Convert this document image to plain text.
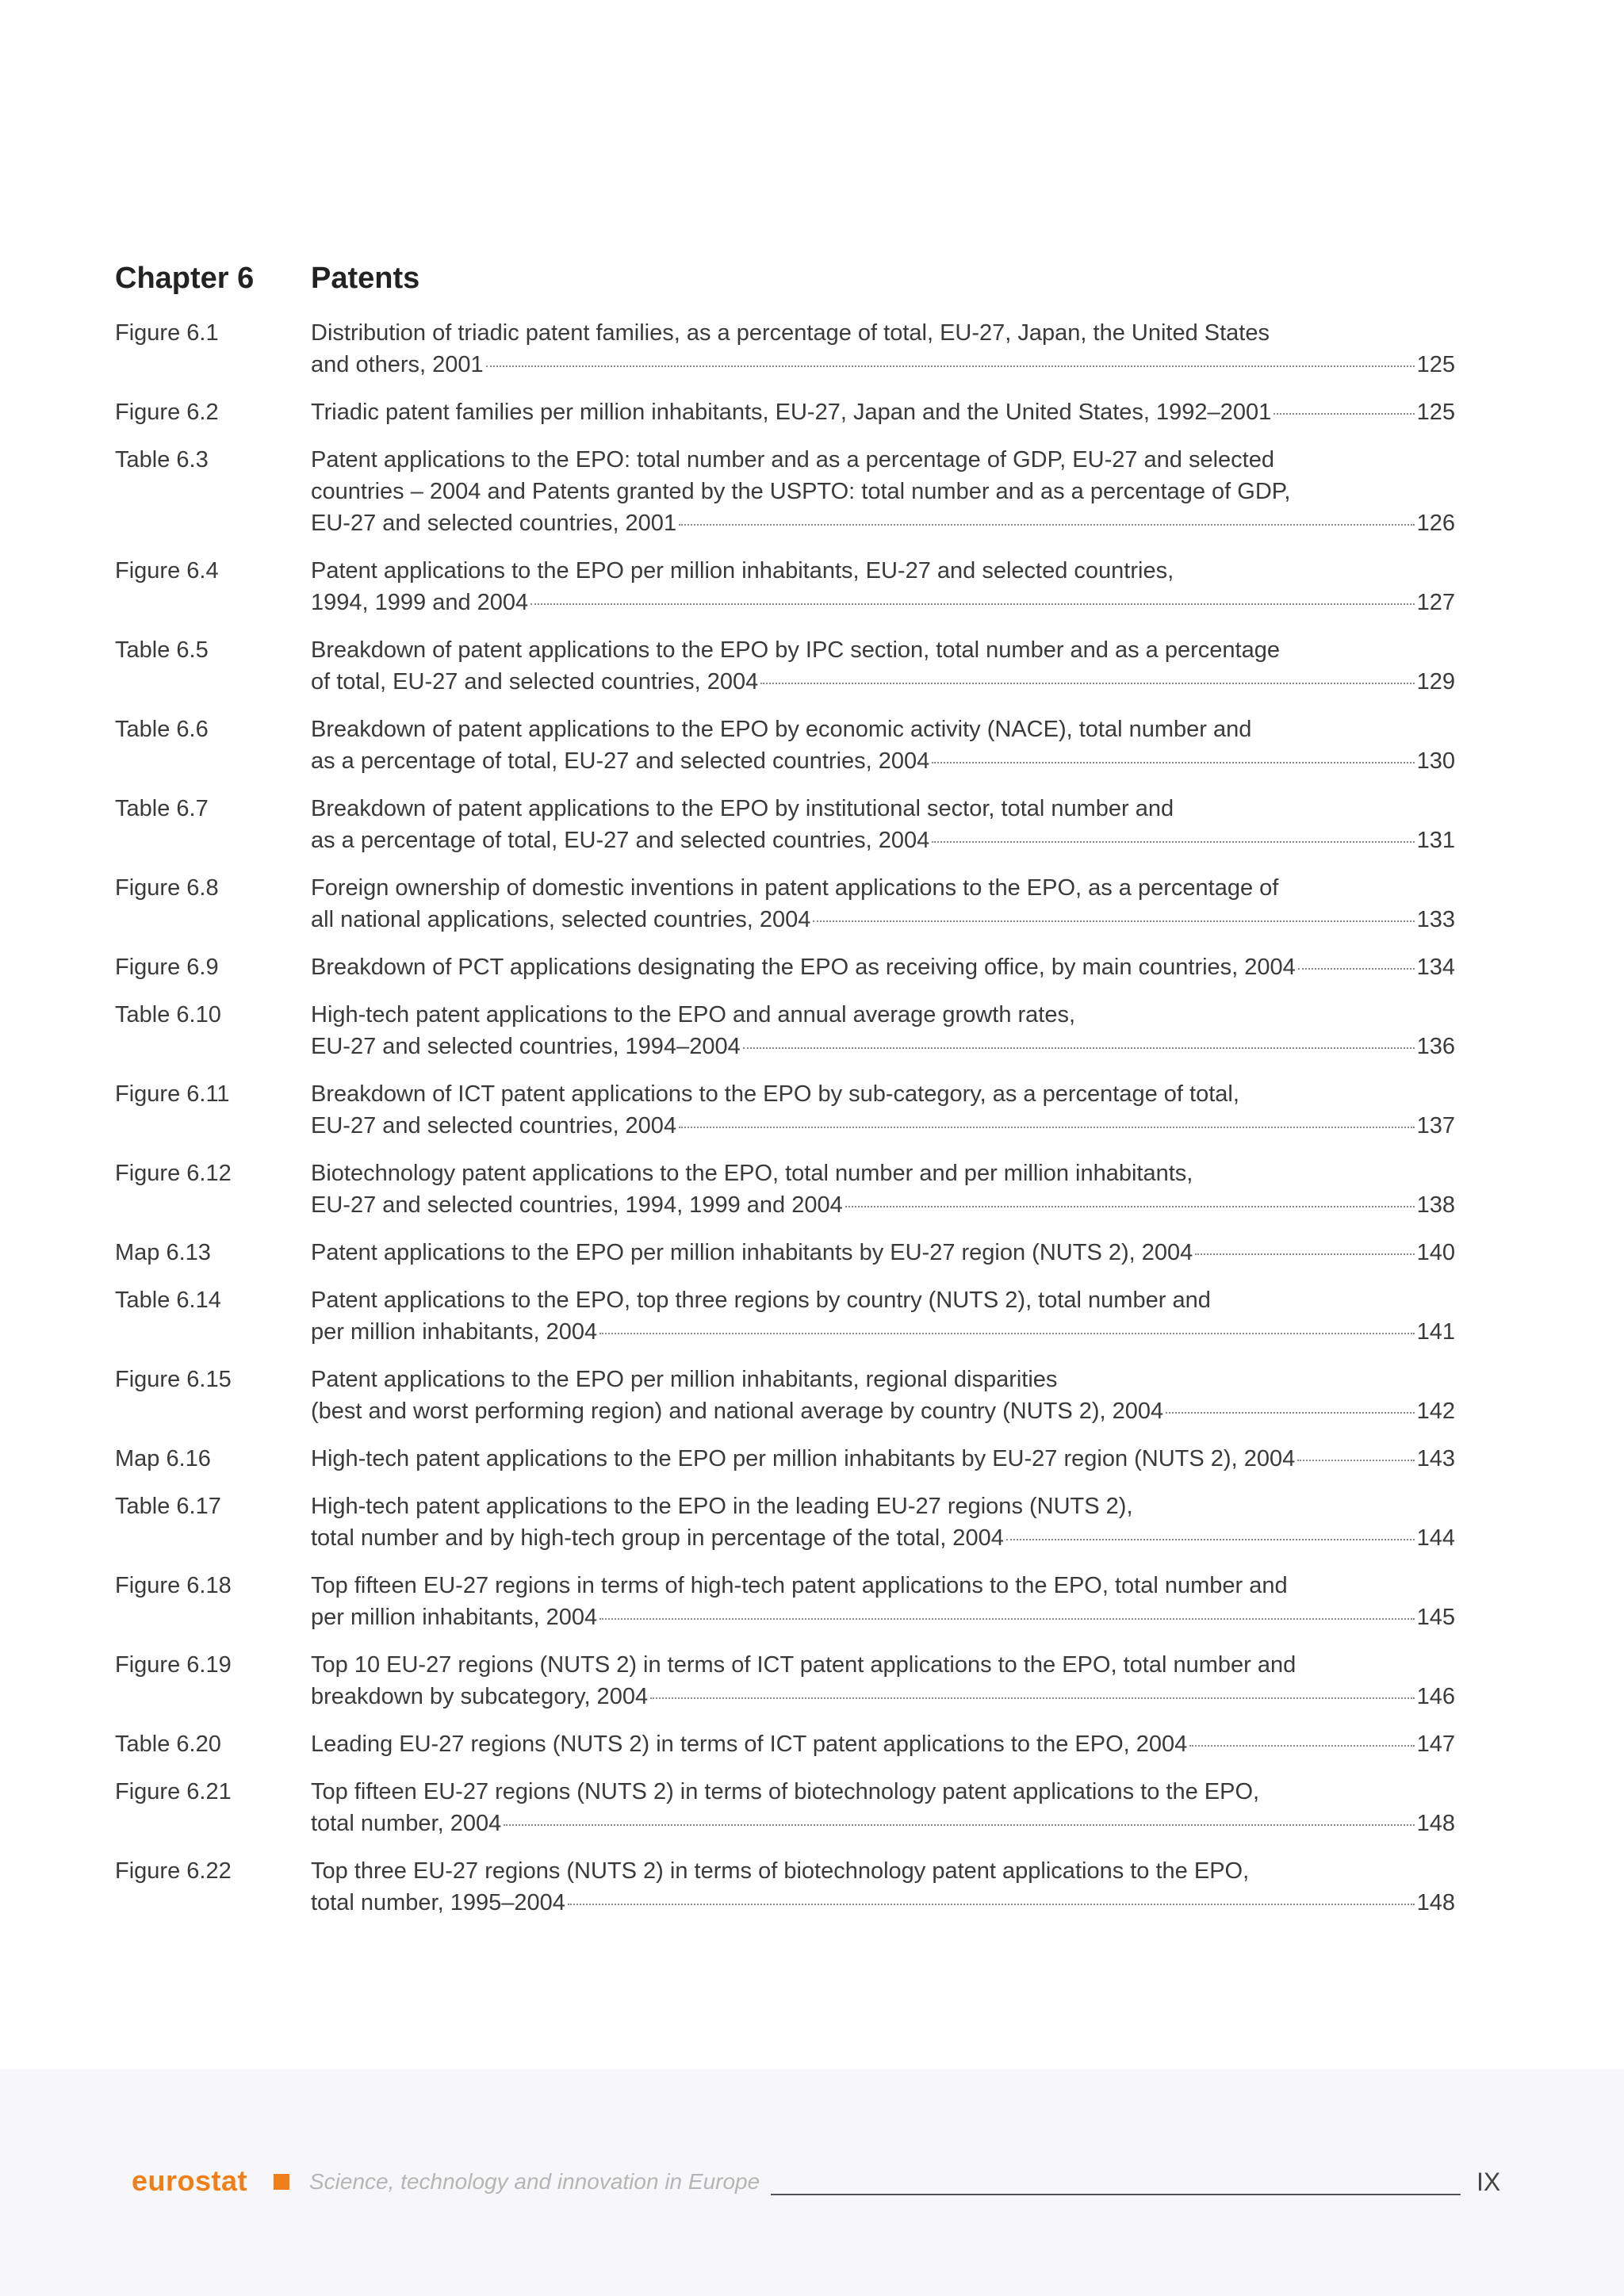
Chapter 6 Patents
Figure 6.1	Distribution of triadic patent families, as a percentage of total, EU-27, Japan, the United States
and others, 2001	125
Figure 6.2	Triadic patent families per million inhabitants, EU-27, Japan and the United States, 1992–2001	125
Table 6.3	Patent applications to the EPO: total number and as a percentage of GDP, EU-27 and selected
countries – 2004 and Patents granted by the USPTO: total number and as a percentage of GDP,
EU-27 and selected countries, 2001	126
Figure 6.4	Patent applications to the EPO per million inhabitants, EU-27 and selected countries,
1994, 1999 and 2004	127
Table 6.5	Breakdown of patent applications to the EPO by IPC section, total number and as a percentage
of total, EU-27 and selected countries, 2004	129
Table 6.6	Breakdown of patent applications to the EPO by economic activity (NACE), total number and
as a percentage of total, EU-27 and selected countries, 2004	130
Table 6.7	Breakdown of patent applications to the EPO by institutional sector, total number and
as a percentage of total, EU-27 and selected countries, 2004	131
Figure 6.8	Foreign ownership of domestic inventions in patent applications to the EPO, as a percentage of
all national applications, selected countries, 2004	133
Figure 6.9	Breakdown of PCT applications designating the EPO as receiving office, by main countries, 2004	134
Table 6.10	High-tech patent applications to the EPO and annual average growth rates,
EU-27 and selected countries, 1994–2004	136
Figure 6.11	Breakdown of ICT patent applications to the EPO by sub-category, as a percentage of total,
EU-27 and selected countries, 2004	137
Figure 6.12	Biotechnology patent applications to the EPO, total number and per million inhabitants,
EU-27 and selected countries, 1994, 1999 and 2004	138
Map 6.13	Patent applications to the EPO per million inhabitants by EU-27 region (NUTS 2), 2004	140
Table 6.14	Patent applications to the EPO, top three regions by country (NUTS 2), total number and
per million inhabitants, 2004	141
Figure 6.15	Patent applications to the EPO per million inhabitants, regional disparities
(best and worst performing region) and national average by country (NUTS 2), 2004	142
Map 6.16	High-tech patent applications to the EPO per million inhabitants by EU-27 region (NUTS 2), 2004	143
Table 6.17	High-tech patent applications to the EPO in the leading EU-27 regions (NUTS 2),
total number and by high-tech group in percentage of the total, 2004	144
Figure 6.18	Top fifteen EU-27 regions in terms of high-tech patent applications to the EPO, total number and
per million inhabitants, 2004	145
Figure 6.19	Top 10 EU-27 regions (NUTS 2) in terms of ICT patent applications to the EPO, total number and
breakdown by subcategory, 2004	146
Table 6.20	Leading EU-27 regions (NUTS 2) in terms of ICT patent applications to the EPO, 2004	147
Figure 6.21	Top fifteen EU-27 regions (NUTS 2) in terms of biotechnology patent applications to the EPO,
total number, 2004	148
Figure 6.22	Top three EU-27 regions (NUTS 2) in terms of biotechnology patent applications to the EPO,
total number, 1995–2004	148
eurostat	Science, technology and innovation in Europe	IX
